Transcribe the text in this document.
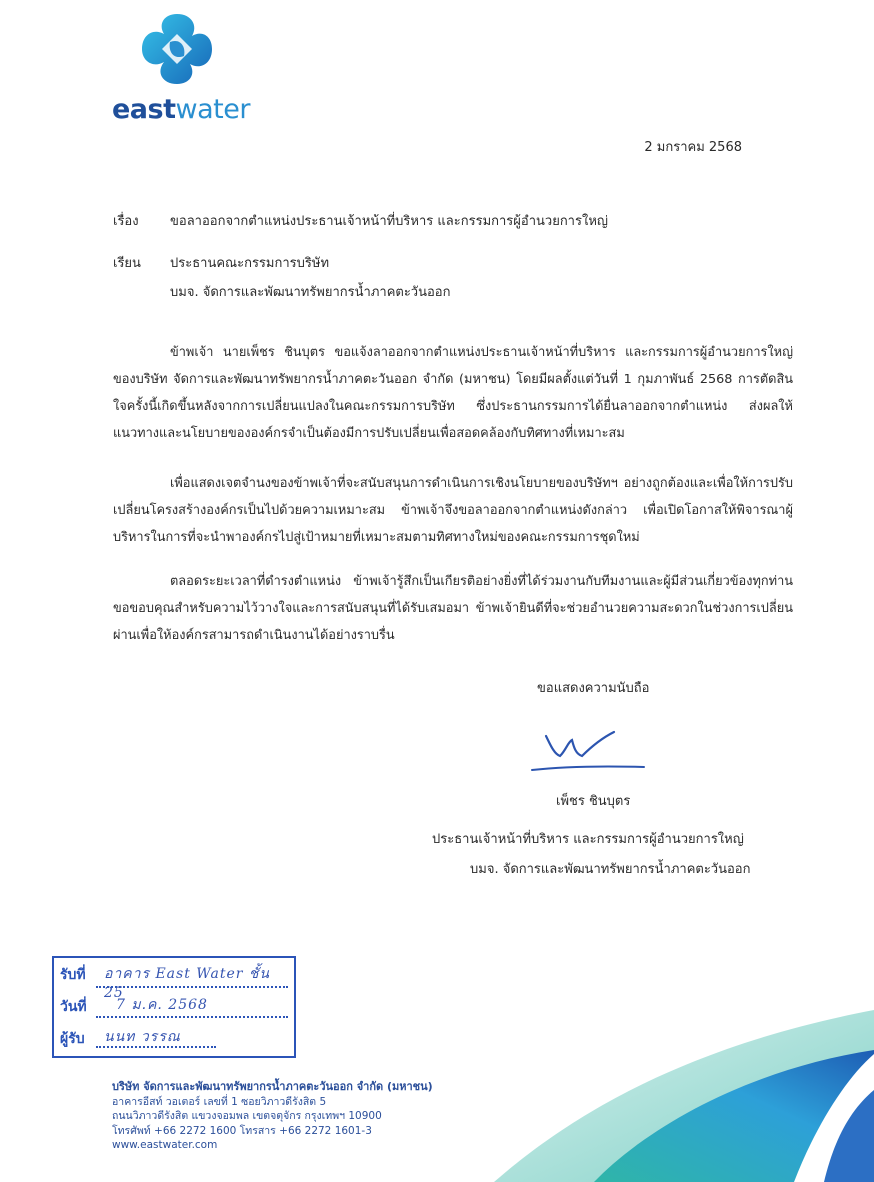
eastwater
2 มกราคม 2568
เรื่อง ขอลาออกจากตำแหน่งประธานเจ้าหน้าที่บริหาร และกรรมการผู้อำนวยการใหญ่
เรียน ประธานคณะกรรมการบริษัท
บมจ. จัดการและพัฒนาทรัพยากรน้ำภาคตะวันออก

ข้าพเจ้า นายเพ็ชร ชินบุตร ขอแจ้งลาออกจากตำแหน่งประธานเจ้าหน้าที่บริหาร และกรรมการผู้อำนวยการใหญ่ ของบริษัท จัดการและพัฒนาทรัพยากรน้ำภาคตะวันออก จำกัด (มหาชน) โดยมีผลตั้งแต่วันที่ 1 กุมภาพันธ์ 2568 การตัดสินใจครั้งนี้เกิดขึ้นหลังจากการเปลี่ยนแปลงในคณะกรรมการบริษัท ซึ่งประธานกรรมการได้ยื่นลาออกจากตำแหน่ง ส่งผลให้แนวทางและนโยบายขององค์กรจำเป็นต้องมีการปรับเปลี่ยนเพื่อสอดคล้องกับทิศทางที่เหมาะสม

เพื่อแสดงเจตจำนงของข้าพเจ้าที่จะสนับสนุนการดำเนินการเชิงนโยบายของบริษัทฯ อย่างถูกต้องและเพื่อให้การปรับเปลี่ยนโครงสร้างองค์กรเป็นไปด้วยความเหมาะสม ข้าพเจ้าจึงขอลาออกจากตำแหน่งดังกล่าว เพื่อเปิดโอกาสให้พิจารณาผู้บริหารในการที่จะนำพาองค์กรไปสู่เป้าหมายที่เหมาะสมตามทิศทางใหม่ของคณะกรรมการชุดใหม่

ตลอดระยะเวลาที่ดำรงตำแหน่ง ข้าพเจ้ารู้สึกเป็นเกียรติอย่างยิ่งที่ได้ร่วมงานกับทีมงานและผู้มีส่วนเกี่ยวข้องทุกท่าน ขอขอบคุณสำหรับความไว้วางใจและการสนับสนุนที่ได้รับเสมอมา ข้าพเจ้ายินดีที่จะช่วยอำนวยความสะดวกในช่วงการเปลี่ยนผ่านเพื่อให้องค์กรสามารถดำเนินงานได้อย่างราบรื่น

ขอแสดงความนับถือ
เพ็ชร ชินบุตร
ประธานเจ้าหน้าที่บริหาร และกรรมการผู้อำนวยการใหญ่
บมจ. จัดการและพัฒนาทรัพยากรน้ำภาคตะวันออก
รับที่ อาคาร East Water ชั้น 25
วันที่ 7 ม.ค. 2568
ผู้รับ นนท วรรณ
บริษัท จัดการและพัฒนาทรัพยากรน้ำภาคตะวันออก จำกัด (มหาชน)
อาคารอีสท์ วอเตอร์ เลขที่ 1 ซอยวิภาวดีรังสิต 5
ถนนวิภาวดีรังสิต แขวงจอมพล เขตจตุจักร กรุงเทพฯ 10900
โทรศัพท์ +66 2272 1600 โทรสาร +66 2272 1601-3
www.eastwater.com
